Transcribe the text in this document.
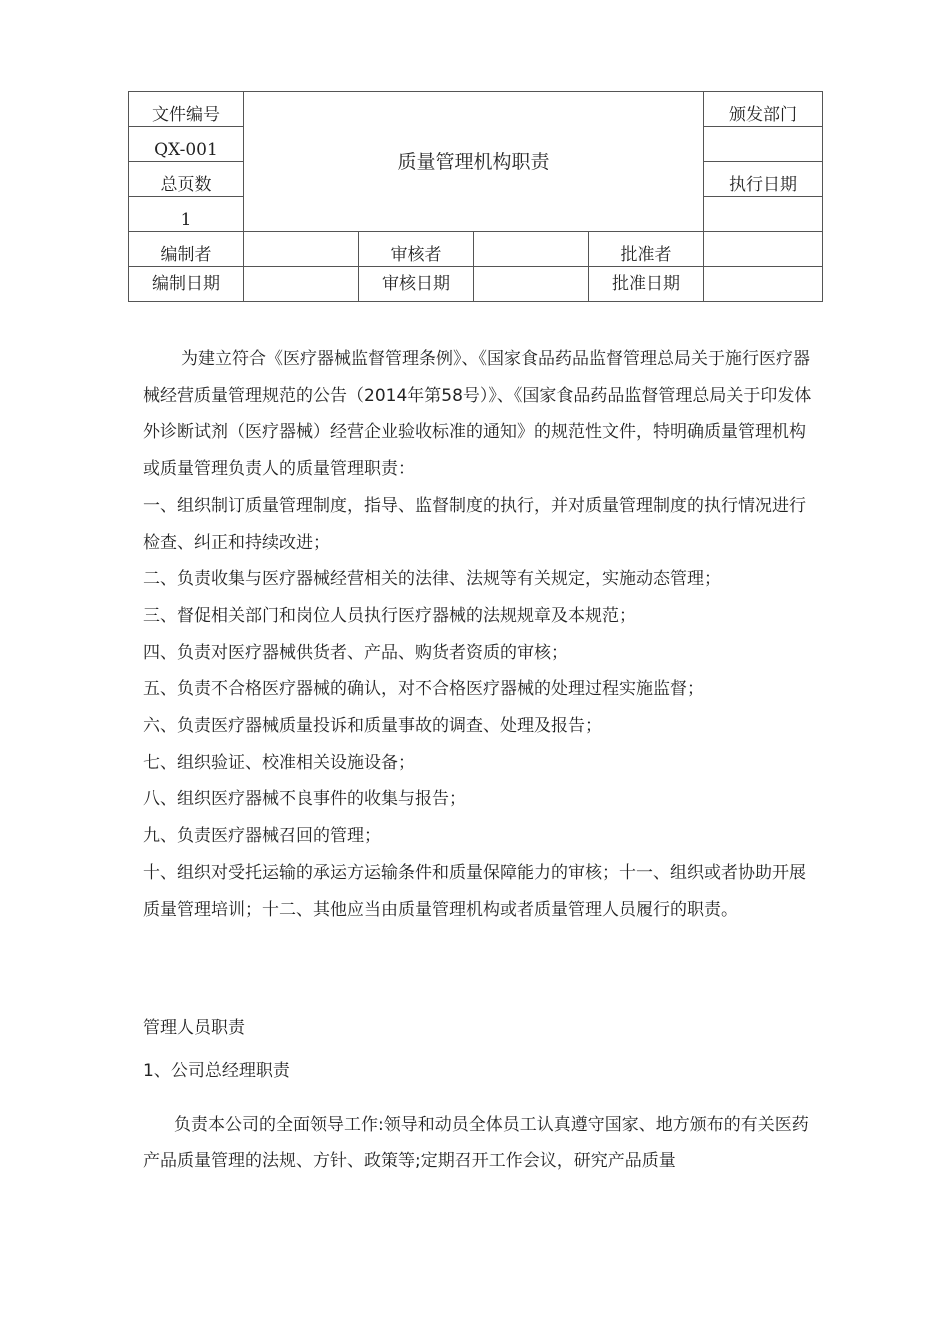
文件编号	质量管理机构职责				颁发部门
QX-001					
总页数					执行日期
1					
编制者		审核者		批准者	
编制日期		审核日期		批准日期	

为建立符合《医疗器械监督管理条例》、《国家食品药品监督管理总局关于施行医疗器械经营质量管理规范的公告（2014年第58号）》、《国家食品药品监督管理总局关于印发体外诊断试剂（医疗器械）经营企业验收标准的通知》的规范性文件，特明确质量管理机构或质量管理负责人的质量管理职责：

一、组织制订质量管理制度，指导、监督制度的执行，并对质量管理制度的执行情况进行检查、纠正和持续改进；

二、负责收集与医疗器械经营相关的法律、法规等有关规定，实施动态管理；

三、督促相关部门和岗位人员执行医疗器械的法规规章及本规范；

四、负责对医疗器械供货者、产品、购货者资质的审核；

五、负责不合格医疗器械的确认，对不合格医疗器械的处理过程实施监督；

六、负责医疗器械质量投诉和质量事故的调查、处理及报告；

七、组织验证、校准相关设施设备；

八、组织医疗器械不良事件的收集与报告；

九、负责医疗器械召回的管理；

十、组织对受托运输的承运方运输条件和质量保障能力的审核；十一、组织或者协助开展质量管理培训；十二、其他应当由质量管理机构或者质量管理人员履行的职责。

管理人员职责
1、公司总经理职责

负责本公司的全面领导工作:领导和动员全体员工认真遵守国家、地方颁布的有关医药产品质量管理的法规、方针、政策等;定期召开工作会议，研究产品质量
